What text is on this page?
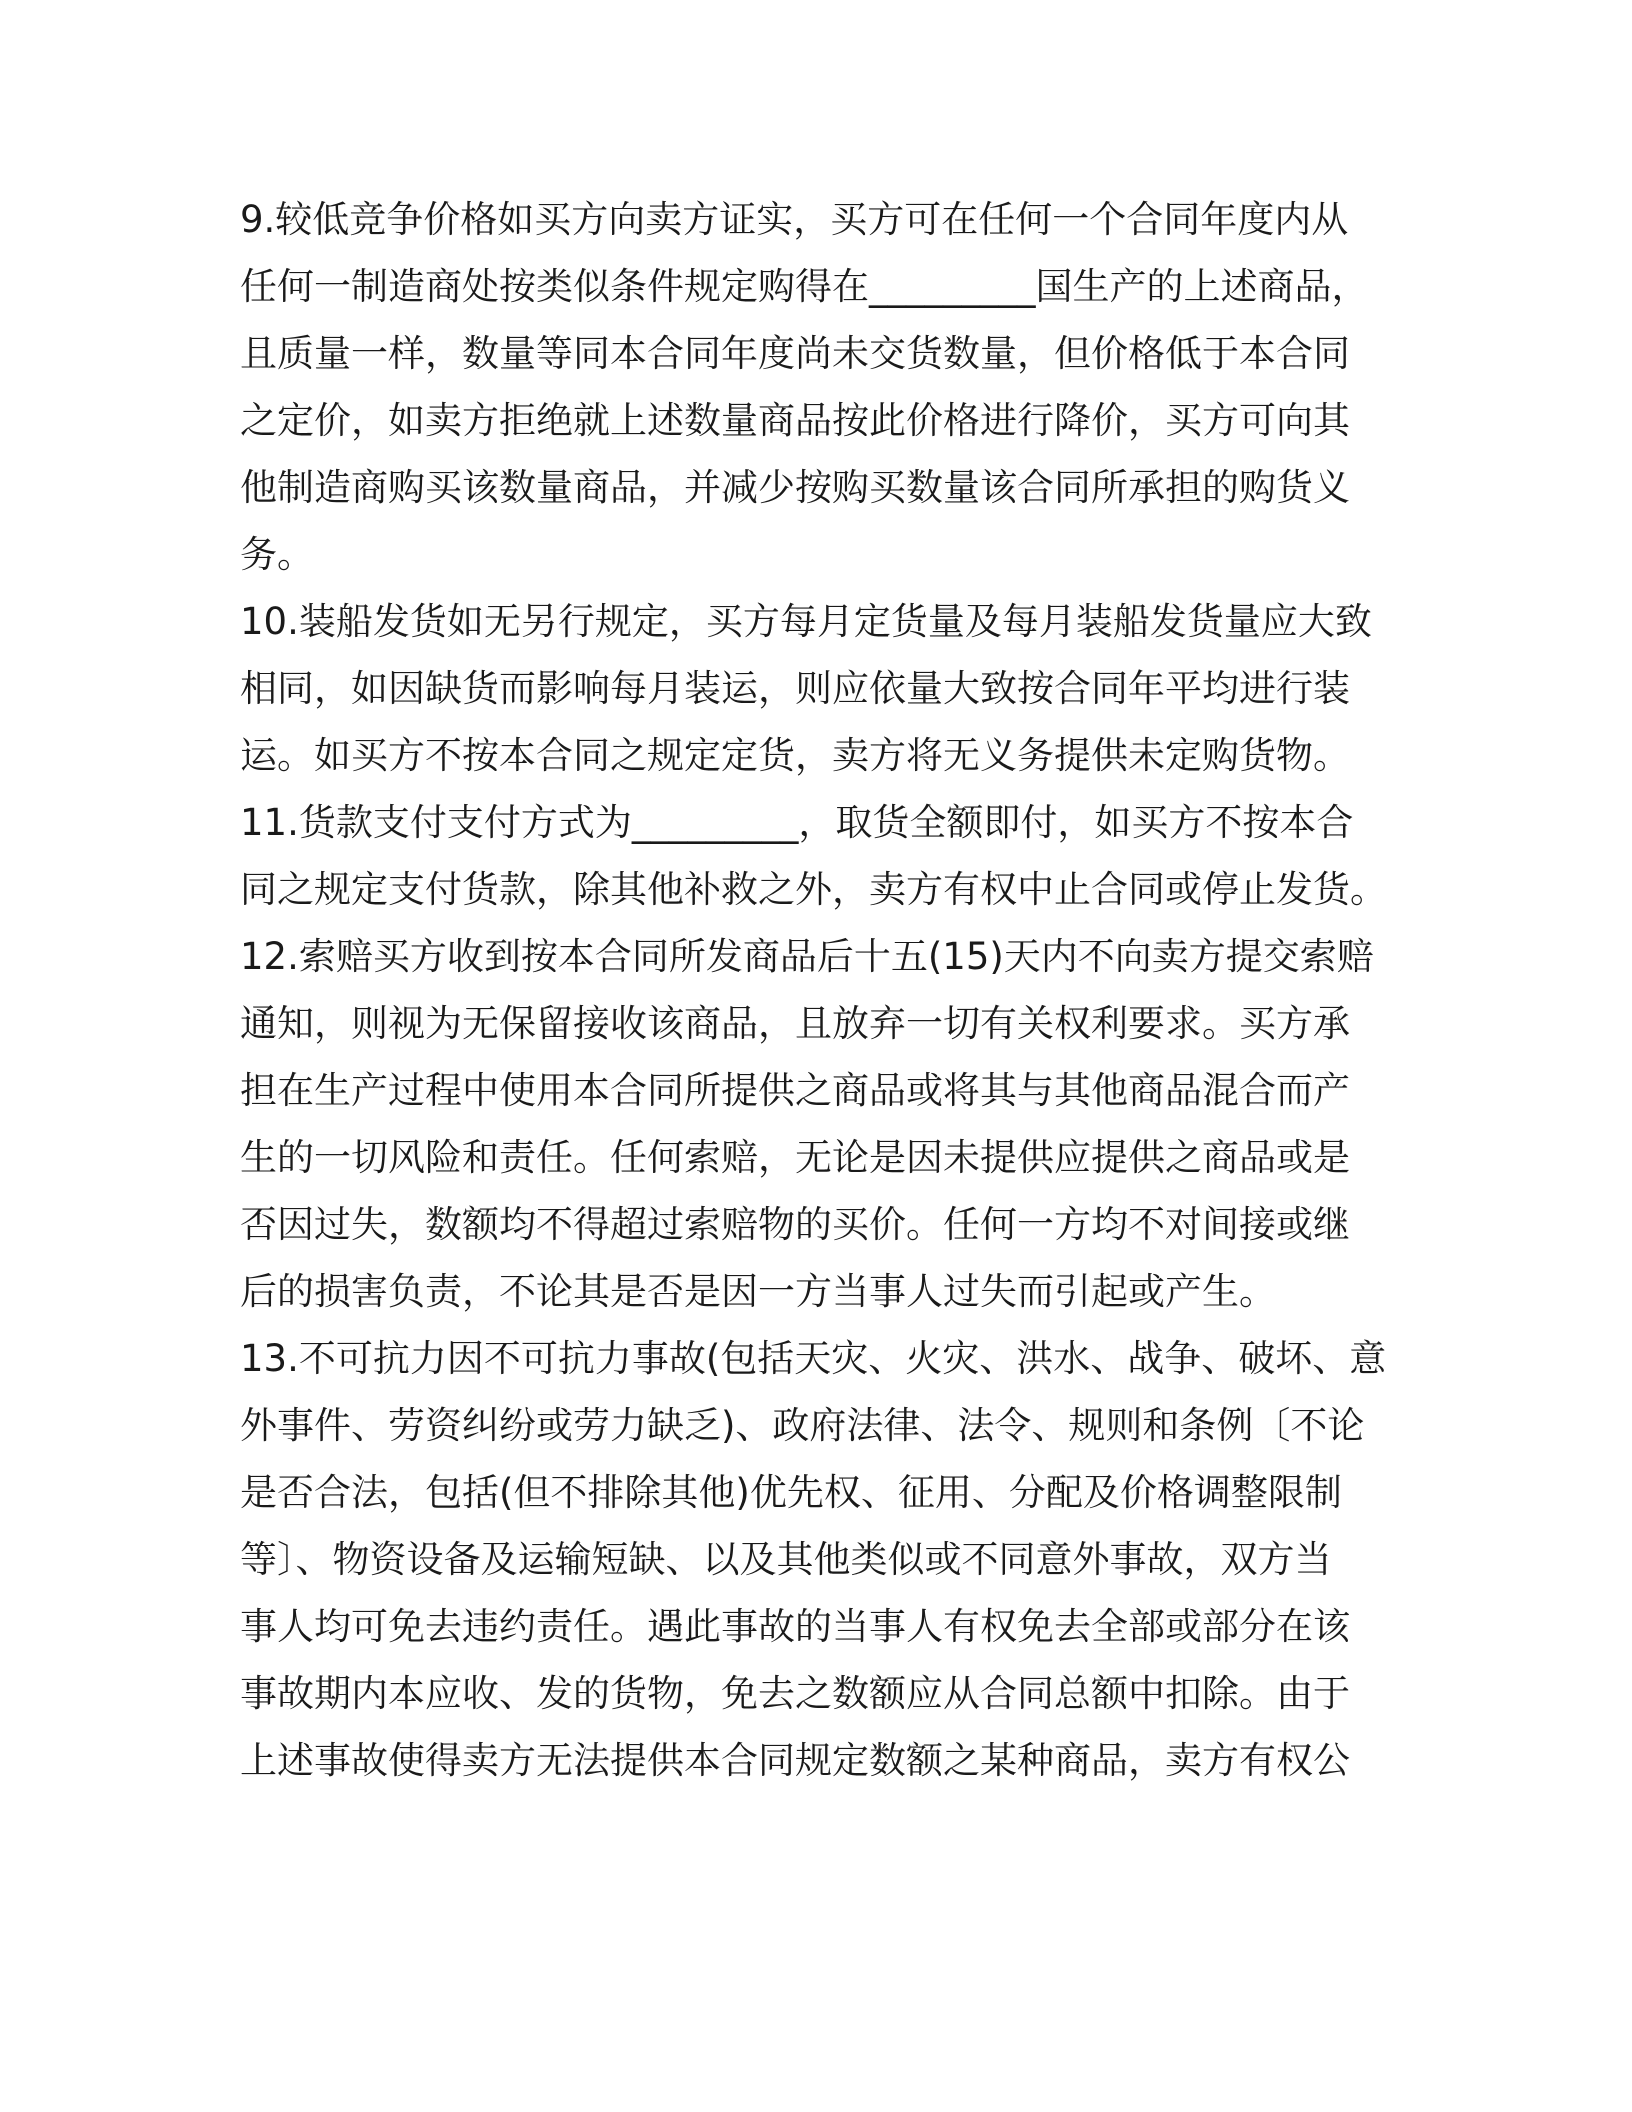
9.较低竞争价格如买方向卖方证实，买方可在任何一个合同年度内从
任何一制造商处按类似条件规定购得在_________国生产的上述商品，
且质量一样，数量等同本合同年度尚未交货数量，但价格低于本合同
之定价，如卖方拒绝就上述数量商品按此价格进行降价，买方可向其
他制造商购买该数量商品，并减少按购买数量该合同所承担的购货义
务。
10.装船发货如无另行规定，买方每月定货量及每月装船发货量应大致
相同，如因缺货而影响每月装运，则应依量大致按合同年平均进行装
运。如买方不按本合同之规定定货，卖方将无义务提供未定购货物。
11.货款支付支付方式为_________，取货全额即付，如买方不按本合
同之规定支付货款，除其他补救之外，卖方有权中止合同或停止发货。
12.索赔买方收到按本合同所发商品后十五(15)天内不向卖方提交索赔
通知，则视为无保留接收该商品，且放弃一切有关权利要求。买方承
担在生产过程中使用本合同所提供之商品或将其与其他商品混合而产
生的一切风险和责任。任何索赔，无论是因未提供应提供之商品或是
否因过失，数额均不得超过索赔物的买价。任何一方均不对间接或继
后的损害负责，不论其是否是因一方当事人过失而引起或产生。
13.不可抗力因不可抗力事故(包括天灾、火灾、洪水、战争、破坏、意
外事件、劳资纠纷或劳力缺乏)、政府法律、法令、规则和条例〔不论
是否合法，包括(但不排除其他)优先权、征用、分配及价格调整限制
等〕、物资设备及运输短缺、以及其他类似或不同意外事故，双方当
事人均可免去违约责任。遇此事故的当事人有权免去全部或部分在该
事故期内本应收、发的货物，免去之数额应从合同总额中扣除。由于
上述事故使得卖方无法提供本合同规定数额之某种商品，卖方有权公
